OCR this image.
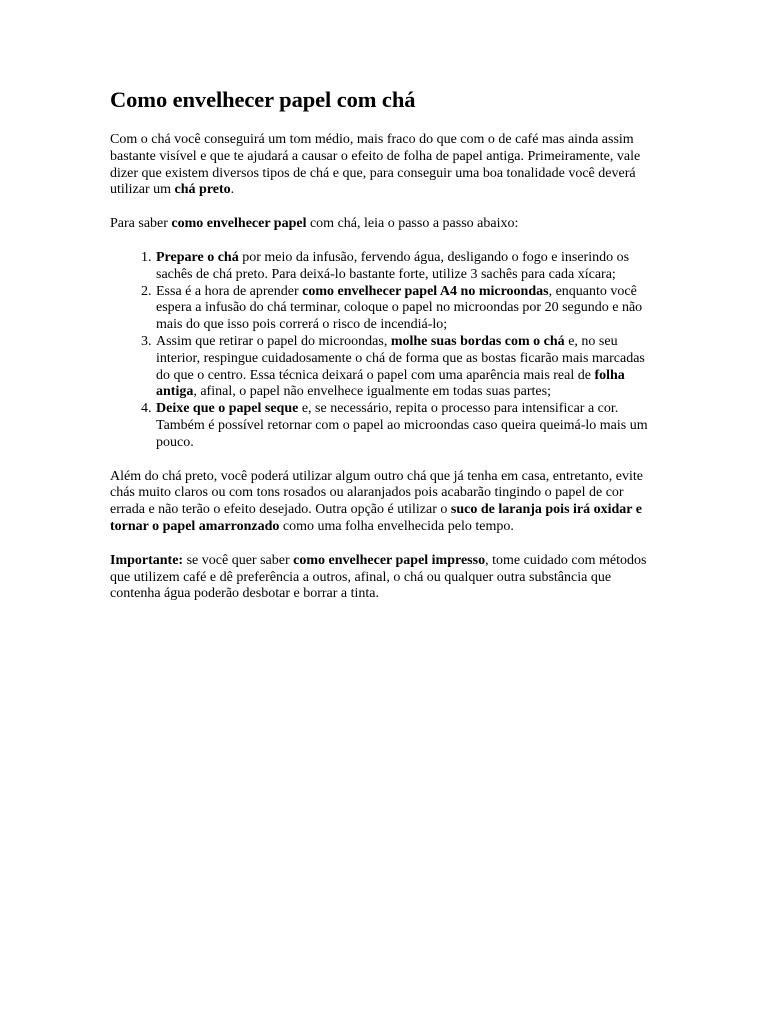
Como envelhecer papel com chá

Com o chá você conseguirá um tom médio, mais fraco do que com o de café mas ainda assim bastante visível e que te ajudará a causar o efeito de folha de papel antiga. Primeiramente, vale dizer que existem diversos tipos de chá e que, para conseguir uma boa tonalidade você deverá utilizar um chá preto.

Para saber como envelhecer papel com chá, leia o passo a passo abaixo:

1. Prepare o chá por meio da infusão, fervendo água, desligando o fogo e inserindo os sachês de chá preto. Para deixá-lo bastante forte, utilize 3 sachês para cada xícara;
2. Essa é a hora de aprender como envelhecer papel A4 no microondas, enquanto você espera a infusão do chá terminar, coloque o papel no microondas por 20 segundo e não mais do que isso pois correrá o risco de incendiá-lo;
3. Assim que retirar o papel do microondas, molhe suas bordas com o chá e, no seu interior, respingue cuidadosamente o chá de forma que as bostas ficarão mais marcadas do que o centro. Essa técnica deixará o papel com uma aparência mais real de folha antiga, afinal, o papel não envelhece igualmente em todas suas partes;
4. Deixe que o papel seque e, se necessário, repita o processo para intensificar a cor. Também é possível retornar com o papel ao microondas caso queira queimá-lo mais um pouco.

Além do chá preto, você poderá utilizar algum outro chá que já tenha em casa, entretanto, evite chás muito claros ou com tons rosados ou alaranjados pois acabarão tingindo o papel de cor errada e não terão o efeito desejado. Outra opção é utilizar o suco de laranja pois irá oxidar e tornar o papel amarronzado como uma folha envelhecida pelo tempo.

Importante: se você quer saber como envelhecer papel impresso, tome cuidado com métodos que utilizem café e dê preferência a outros, afinal, o chá ou qualquer outra substância que contenha água poderão desbotar e borrar a tinta.
